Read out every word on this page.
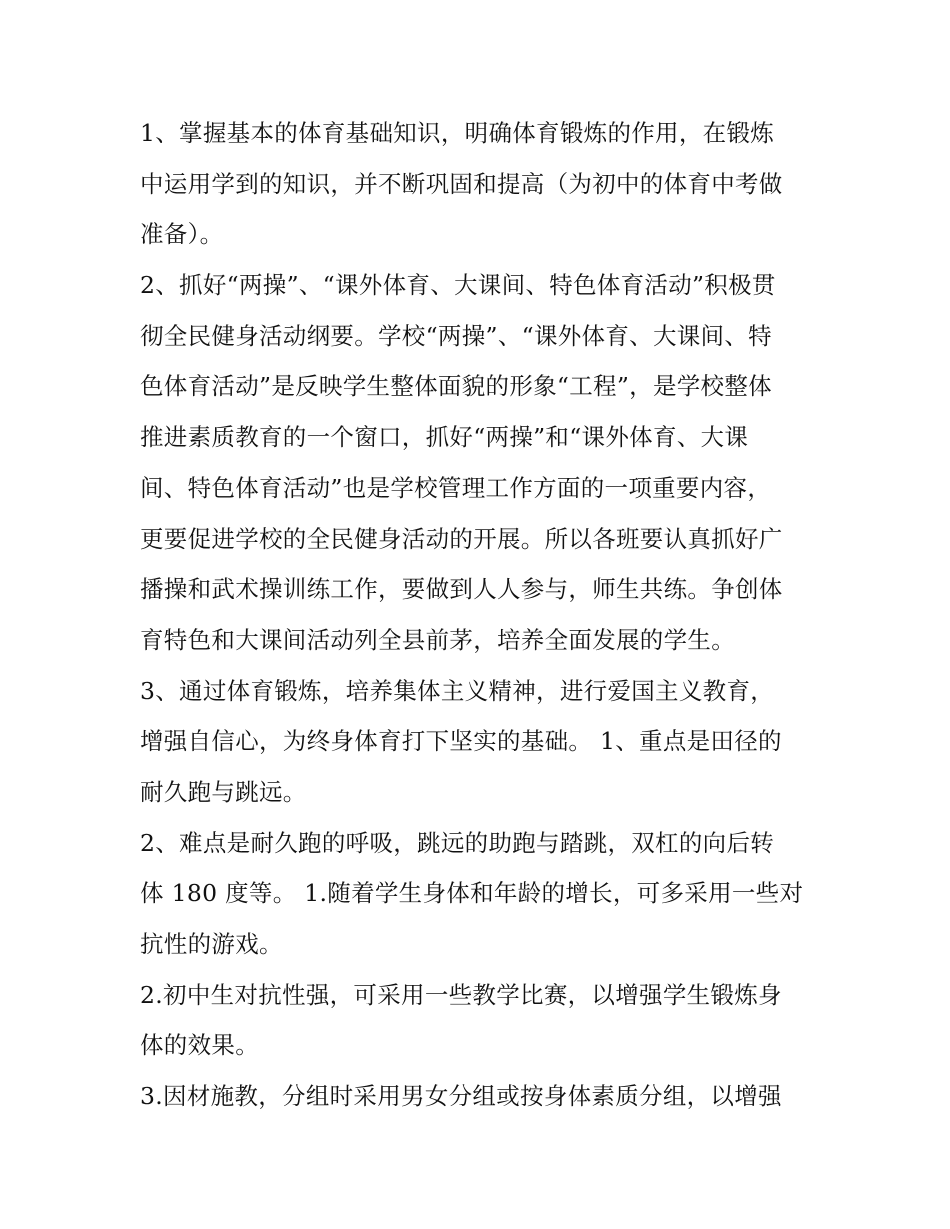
1、掌握基本的体育基础知识，明确体育锻炼的作用，在锻炼
中运用学到的知识，并不断巩固和提高（为初中的体育中考做
准备）。
2、抓好“两操”、“课外体育、大课间、特色体育活动”积极贯
彻全民健身活动纲要。学校“两操”、“课外体育、大课间、特
色体育活动”是反映学生整体面貌的形象“工程”，是学校整体
推进素质教育的一个窗口，抓好“两操”和“课外体育、大课
间、特色体育活动”也是学校管理工作方面的一项重要内容，
更要促进学校的全民健身活动的开展。所以各班要认真抓好广
播操和武术操训练工作，要做到人人参与，师生共练。争创体
育特色和大课间活动列全县前茅，培养全面发展的学生。
3、通过体育锻炼，培养集体主义精神，进行爱国主义教育，
增强自信心，为终身体育打下坚实的基础。 1、重点是田径的
耐久跑与跳远。
2、难点是耐久跑的呼吸，跳远的助跑与踏跳，双杠的向后转
体 180 度等。 1.随着学生身体和年龄的增长，可多采用一些对
抗性的游戏。
2.初中生对抗性强，可采用一些教学比赛，以增强学生锻炼身
体的效果。
3.因材施教，分组时采用男女分组或按身体素质分组，以增强
